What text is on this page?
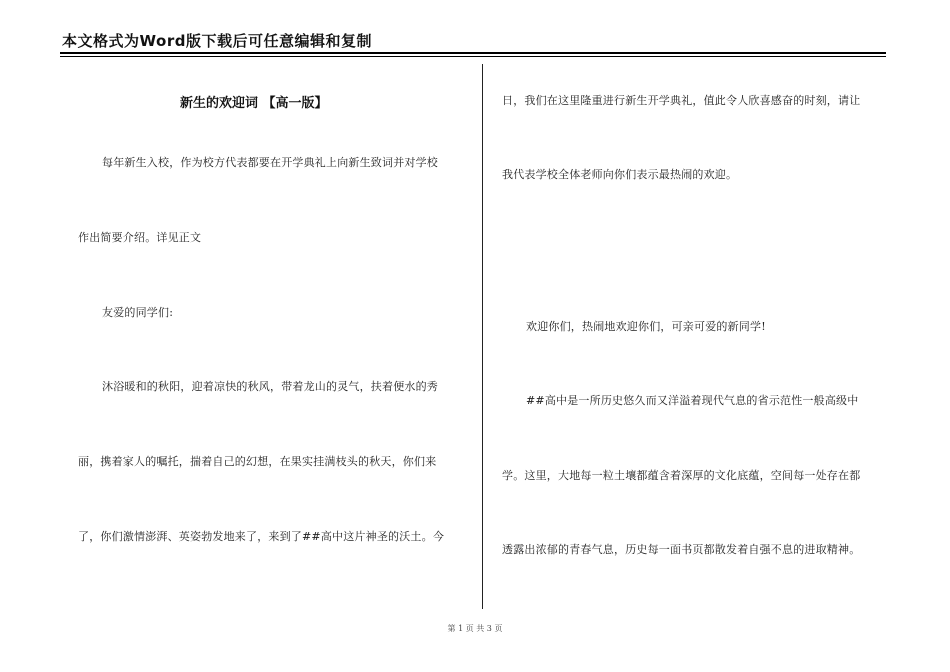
本文格式为Word版下载后可任意编辑和复制
新生的欢迎词 【高一版】
每年新生入校，作为校方代表都要在开学典礼上向新生致词并对学校
作出简要介绍。详见正文
友爱的同学们:
沐浴暖和的秋阳，迎着凉快的秋风，带着龙山的灵气，扶着便水的秀
丽，携着家人的嘱托，揣着自己的幻想，在果实挂满枝头的秋天，你们来
了，你们激情澎湃、英姿勃发地来了，来到了##高中这片神圣的沃土。今
日，我们在这里隆重进行新生开学典礼，值此令人欣喜感奋的时刻，请让
我代表学校全体老师向你们表示最热闹的欢迎。
欢迎你们，热闹地欢迎你们，可亲可爱的新同学!
##高中是一所历史悠久而又洋溢着现代气息的省示范性一般高级中
学。这里，大地每一粒土壤都蕴含着深厚的文化底蕴，空间每一处存在都
透露出浓郁的青春气息，历史每一面书页都散发着自强不息的进取精神。
第 1 页 共 3 页
